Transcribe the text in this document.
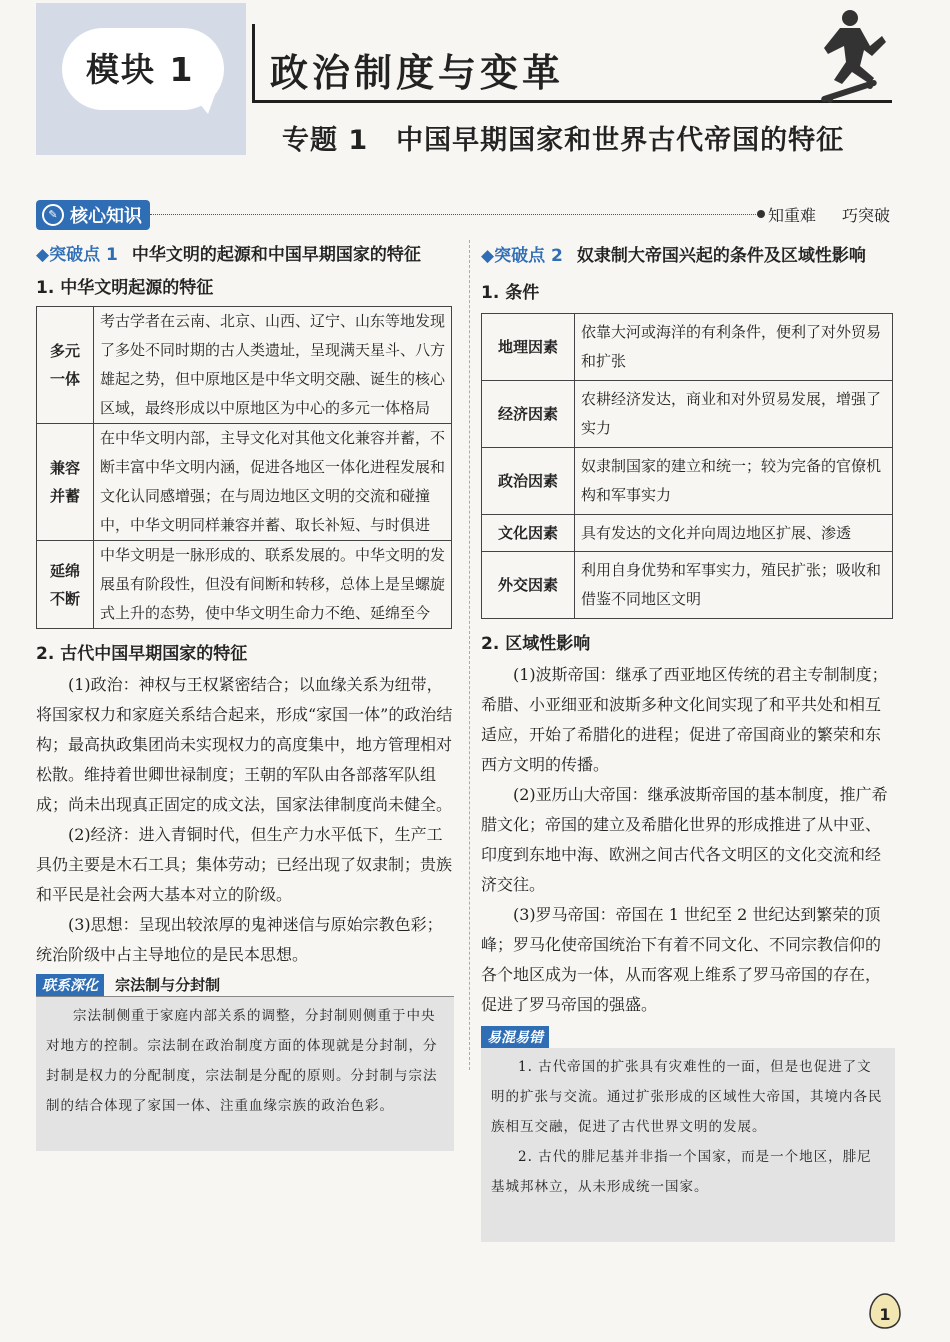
模块 1 政治制度与变革
专题 1　中国早期国家和世界古代帝国的特征
✎ 核心知识	知重难 巧突破
◆突破点 1 中华文明的起源和中国早期国家的特征
1. 中华文明起源的特征
多元一体	考古学者在云南、北京、山西、辽宁、山东等地发现了多处不同时期的古人类遗址，呈现满天星斗、八方雄起之势，但中原地区是中华文明交融、诞生的核心区域，最终形成以中原地区为中心的多元一体格局
兼容并蓄	在中华文明内部，主导文化对其他文化兼容并蓄，不断丰富中华文明内涵，促进各地区一体化进程发展和文化认同感增强；在与周边地区文明的交流和碰撞中，中华文明同样兼容并蓄、取长补短、与时俱进
延绵不断	中华文明是一脉形成的、联系发展的。中华文明的发展虽有阶段性，但没有间断和转移，总体上是呈螺旋式上升的态势，使中华文明生命力不绝、延绵至今
2. 古代中国早期国家的特征

(1)政治：神权与王权紧密结合；以血缘关系为纽带，将国家权力和家庭关系结合起来，形成“家国一体”的政治结构；最高执政集团尚未实现权力的高度集中，地方管理相对松散。维持着世卿世禄制度；王朝的军队由各部落军队组成；尚未出现真正固定的成文法，国家法律制度尚未健全。

(2)经济：进入青铜时代，但生产力水平低下，生产工具仍主要是木石工具；集体劳动；已经出现了奴隶制；贵族和平民是社会两大基本对立的阶级。

(3)思想：呈现出较浓厚的鬼神迷信与原始宗教色彩；统治阶级中占主导地位的是民本思想。

联系深化 宗法制与分封制
宗法制侧重于家庭内部关系的调整，分封制则侧重于中央对地方的控制。宗法制在政治制度方面的体现就是分封制，分封制是权力的分配制度，宗法制是分配的原则。分封制与宗法制的结合体现了家国一体、注重血缘宗族的政治色彩。
◆突破点 2 奴隶制大帝国兴起的条件及区域性影响
1. 条件
地理因素	依靠大河或海洋的有利条件，便利了对外贸易和扩张
经济因素	农耕经济发达，商业和对外贸易发展，增强了实力
政治因素	奴隶制国家的建立和统一；较为完备的官僚机构和军事实力
文化因素	具有发达的文化并向周边地区扩展、渗透
外交因素	利用自身优势和军事实力，殖民扩张；吸收和借鉴不同地区文明
2. 区域性影响

(1)波斯帝国：继承了西亚地区传统的君主专制制度；希腊、小亚细亚和波斯多种文化间实现了和平共处和相互适应，开始了希腊化的进程；促进了帝国商业的繁荣和东西方文明的传播。

(2)亚历山大帝国：继承波斯帝国的基本制度，推广希腊文化；帝国的建立及希腊化世界的形成推进了从中亚、印度到东地中海、欧洲之间古代各文明区的文化交流和经济交往。

(3)罗马帝国：帝国在 1 世纪至 2 世纪达到繁荣的顶峰；罗马化使帝国统治下有着不同文化、不同宗教信仰的各个地区成为一体，从而客观上维系了罗马帝国的存在，促进了罗马帝国的强盛。

易混易错
1. 古代帝国的扩张具有灾难性的一面，但是也促进了文明的扩张与交流。通过扩张形成的区域性大帝国，其境内各民族相互交融，促进了古代世界文明的发展。
2. 古代的腓尼基并非指一个国家，而是一个地区，腓尼基城邦林立，从未形成统一国家。
1
